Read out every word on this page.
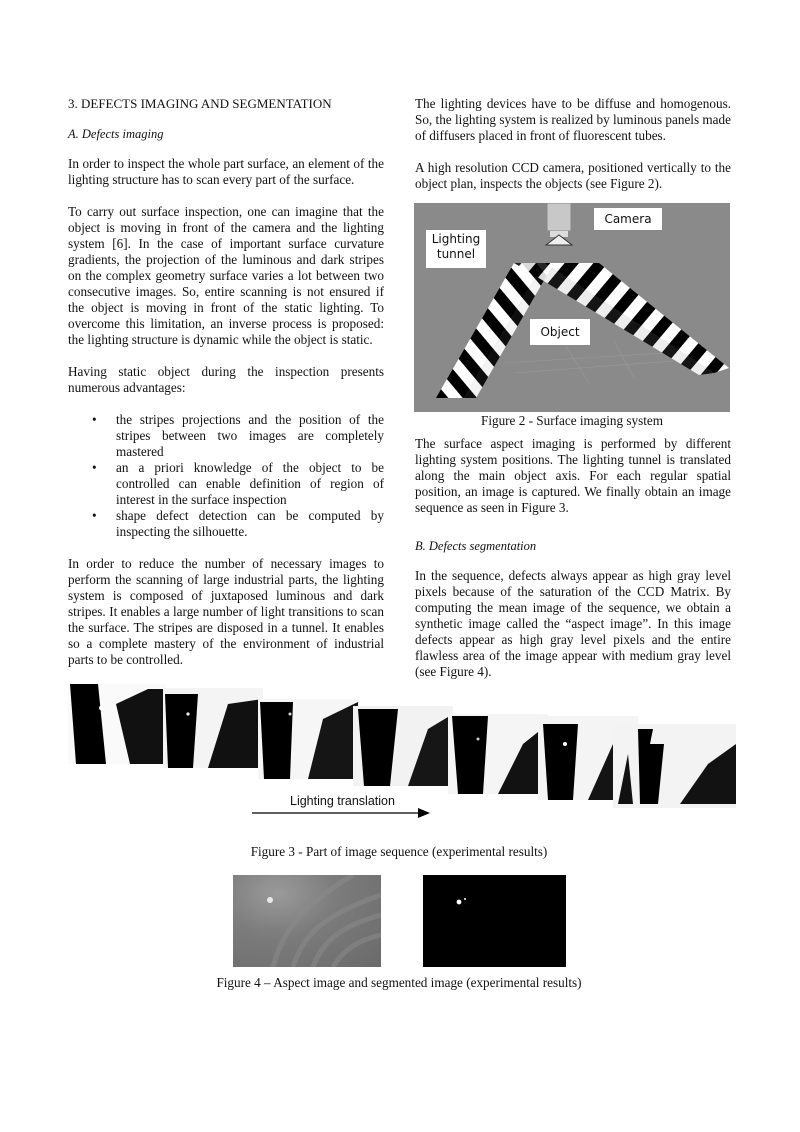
3. DEFECTS IMAGING AND SEGMENTATION

A. Defects imaging

In order to inspect the whole part surface, an element of the lighting structure has to scan every part of the surface.

To carry out surface inspection, one can imagine that the object is moving in front of the camera and the lighting system [6]. In the case of important surface curvature gradients, the projection of the luminous and dark stripes on the complex geometry surface varies a lot between two consecutive images. So, entire scanning is not ensured if the object is moving in front of the static lighting. To overcome this limitation, an inverse process is proposed: the lighting structure is dynamic while the object is static.

Having static object during the inspection presents numerous advantages:

• the stripes projections and the position of the stripes between two images are completely mastered
• an a priori knowledge of the object to be controlled can enable definition of region of interest in the surface inspection
• shape defect detection can be computed by inspecting the silhouette.

In order to reduce the number of necessary images to perform the scanning of large industrial parts, the lighting system is composed of juxtaposed luminous and dark stripes. It enables a large number of light transitions to scan the surface. The stripes are disposed in a tunnel. It enables so a complete mastery of the environment of industrial parts to be controlled.

The lighting devices have to be diffuse and homogenous. So, the lighting system is realized by luminous panels made of diffusers placed in front of fluorescent tubes.

A high resolution CCD camera, positioned vertically to the object plan, inspects the objects (see Figure 2).

Camera
Lighting tunnel
Object
Figure 2 - Surface imaging system

The surface aspect imaging is performed by different lighting system positions. The lighting tunnel is translated along the main object axis. For each regular spatial position, an image is captured. We finally obtain an image sequence as seen in Figure 3.

B. Defects segmentation

In the sequence, defects always appear as high gray level pixels because of the saturation of the CCD Matrix. By computing the mean image of the sequence, we obtain a synthetic image called the “aspect image”. In this image defects appear as high gray level pixels and the entire flawless area of the image appear with medium gray level (see Figure 4).

Lighting translation
Figure 3 - Part of image sequence (experimental results)
Figure 4 – Aspect image and segmented image (experimental results)
